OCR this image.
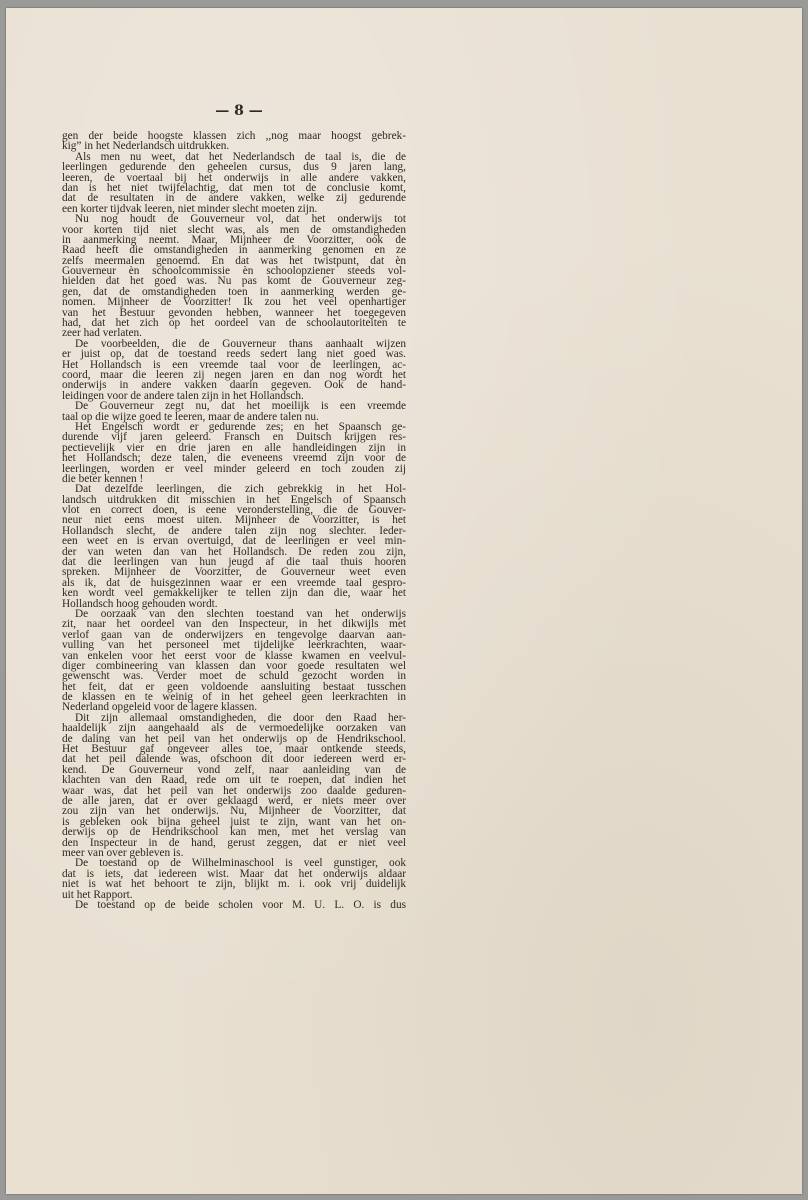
— 8 —
gen der beide hoogste klassen zich ,,nog maar hoogst gebrek-
kig” in het Nederlandsch uitdrukken.
Als men nu weet, dat het Nederlandsch de taal is, die de
leerlingen gedurende den geheelen cursus, dus 9 jaren lang,
leeren, de voertaal bij het onderwijs in alle andere vakken,
dan is het niet twijfelachtig, dat men tot de conclusie komt,
dat de resultaten in de andere vakken, welke zij gedurende
een korter tijdvak leeren, niet minder slecht moeten zijn.
Nu nog houdt de Gouverneur vol, dat het onderwijs tot
voor korten tijd niet slecht was, als men de omstandigheden
in aanmerking neemt. Maar, Mijnheer de Voorzitter, ook de
Raad heeft die omstandigheden in aanmerking genomen en ze
zelfs meermalen genoemd. En dat was het twistpunt, dat èn
Gouverneur èn schoolcommissie èn schoolopziener steeds vol-
hielden dat het goed was. Nu pas komt de Gouverneur zeg-
gen, dat de omstandigheden toen in aanmerking werden ge-
nomen. Mijnheer de Voorzitter! Ik zou het veel openhartiger
van het Bestuur gevonden hebben, wanneer het toegegeven
had, dat het zich op het oordeel van de schoolautoriteiten te
zeer had verlaten.
De voorbeelden, die de Gouverneur thans aanhaalt wijzen
er juist op, dat de toestand reeds sedert lang niet goed was.
Het Hollandsch is een vreemde taal voor de leerlingen, ac-
coord, maar die leeren zij negen jaren en dan nog wordt het
onderwijs in andere vakken daarin gegeven. Ook de hand-
leidingen voor de andere talen zijn in het Hollandsch.
De Gouverneur zegt nu, dat het moeilijk is een vreemde
taal op die wijze goed te leeren, maar de andere talen nu.
Het Engelsch wordt er gedurende zes; en het Spaansch ge-
durende vijf jaren geleerd. Fransch en Duitsch krijgen res-
pectievelijk vier en drie jaren en alle handleidingen zijn in
het Hollandsch; deze talen, die eveneens vreemd zijn voor de
leerlingen, worden er veel minder geleerd en toch zouden zij
die beter kennen !
Dat dezelfde leerlingen, die zich gebrekkig in het Hol-
landsch uitdrukken dit misschien in het Engelsch of Spaansch
vlot en correct doen, is eene veronderstelling, die de Gouver-
neur niet eens moest uiten. Mijnheer de Voorzitter, is het
Hollandsch slecht, de andere talen zijn nog slechter. Ieder-
een weet en is ervan overtuigd, dat de leerlingen er veel min-
der van weten dan van het Hollandsch. De reden zou zijn,
dat die leerlingen van hun jeugd af die taal thuis hooren
spreken. Mijnheer de Voorzitter, de Gouverneur weet even
als ik, dat de huisgezinnen waar er een vreemde taal gespro-
ken wordt veel gemakkelijker te tellen zijn dan die, waar het
Hollandsch hoog gehouden wordt.
De oorzaak van den slechten toestand van het onderwijs
zit, naar het oordeel van den Inspecteur, in het dikwijls met
verlof gaan van de onderwijzers en tengevolge daarvan aan-
vulling van het personeel met tijdelijke leerkrachten, waar-
van enkelen voor het eerst voor de klasse kwamen en veelvul-
diger combineering van klassen dan voor goede resultaten wel
gewenscht was. Verder moet de schuld gezocht worden in
het feit, dat er geen voldoende aansluiting bestaat tusschen
de klassen en te weinig of in het geheel geen leerkrachten in
Nederland opgeleid voor de lagere klassen.
Dit zijn allemaal omstandigheden, die door den Raad her-
haaldelijk zijn aangehaald als de vermoedelijke oorzaken van
de daling van het peil van het onderwijs op de Hendrikschool.
Het Bestuur gaf ongeveer alles toe, maar ontkende steeds,
dat het peil dalende was, ofschoon dit door iedereen werd er-
kend. De Gouverneur vond zelf, naar aanleiding van de
klachten van den Raad, rede om uit te roepen, dat indien het
waar was, dat het peil van het onderwijs zoo daalde geduren-
de alle jaren, dat er over geklaagd werd, er niets meer over
zou zijn van het onderwijs. Nu, Mijnheer de Voorzitter, dat
is gebleken ook bijna geheel juist te zijn, want van het on-
derwijs op de Hendrikschool kan men, met het verslag van
den Inspecteur in de hand, gerust zeggen, dat er niet veel
meer van over gebleven is.
De toestand op de Wilhelminaschool is veel gunstiger, ook
dat is iets, dat iedereen wist. Maar dat het onderwijs aldaar
niet is wat het behoort te zijn, blijkt m. i. ook vrij duidelijk
uit het Rapport.
De toestand op de beide scholen voor M. U. L. O. is dus
